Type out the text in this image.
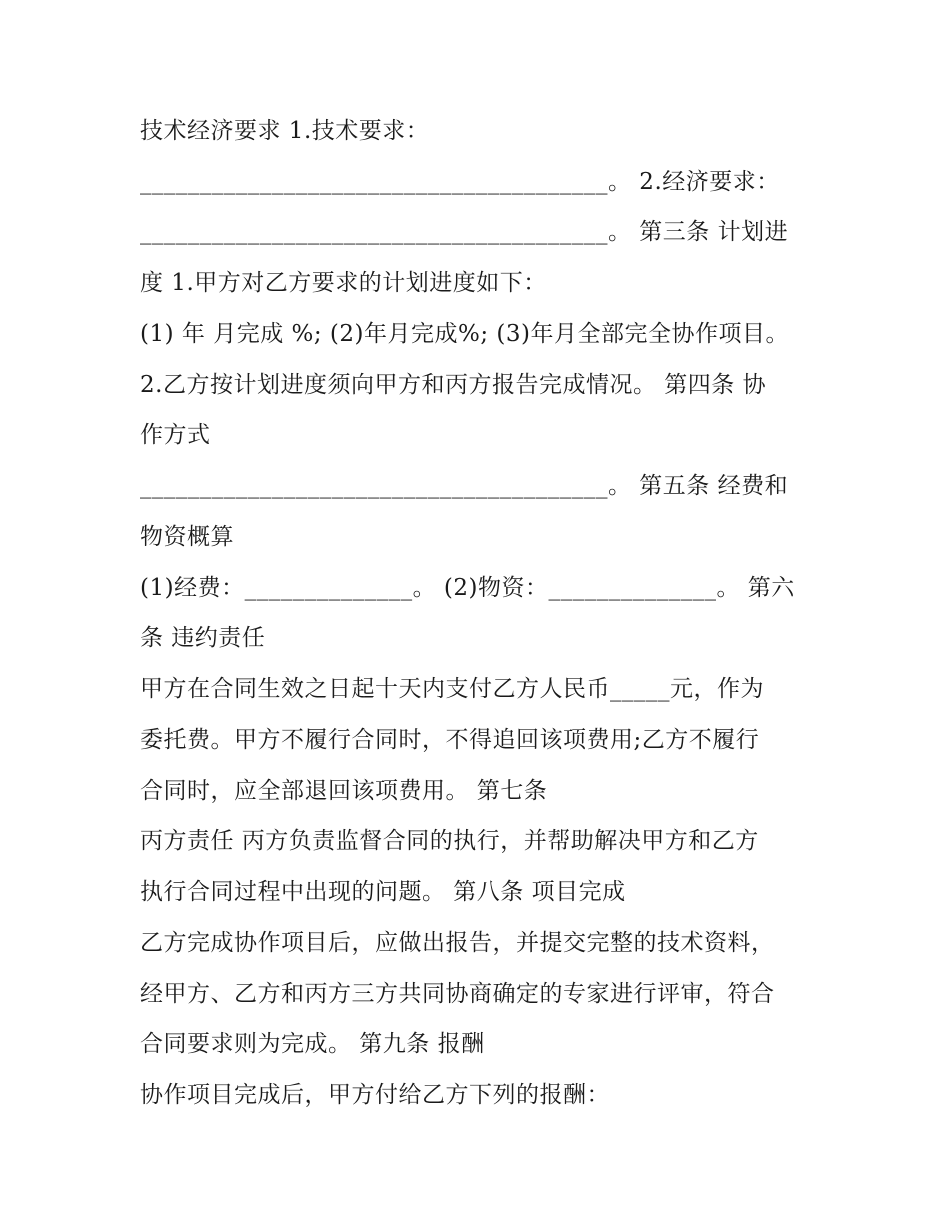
技术经济要求 1.技术要求：
_______________________________________。 2.经济要求：
_______________________________________。 第三条 计划进
度 1.甲方对乙方要求的计划进度如下：
(1) 年 月完成 %; (2)年月完成%; (3)年月全部完全协作项目。
2.乙方按计划进度须向甲方和丙方报告完成情况。 第四条 协
作方式
_______________________________________。 第五条 经费和
物资概算
(1)经费：______________。 (2)物资：______________。 第六
条 违约责任
甲方在合同生效之日起十天内支付乙方人民币_____元，作为
委托费。甲方不履行合同时，不得追回该项费用;乙方不履行
合同时，应全部退回该项费用。 第七条
丙方责任 丙方负责监督合同的执行，并帮助解决甲方和乙方
执行合同过程中出现的问题。 第八条 项目完成
乙方完成协作项目后，应做出报告，并提交完整的技术资料，
经甲方、乙方和丙方三方共同协商确定的专家进行评审，符合
合同要求则为完成。 第九条 报酬
协作项目完成后，甲方付给乙方下列的报酬：
